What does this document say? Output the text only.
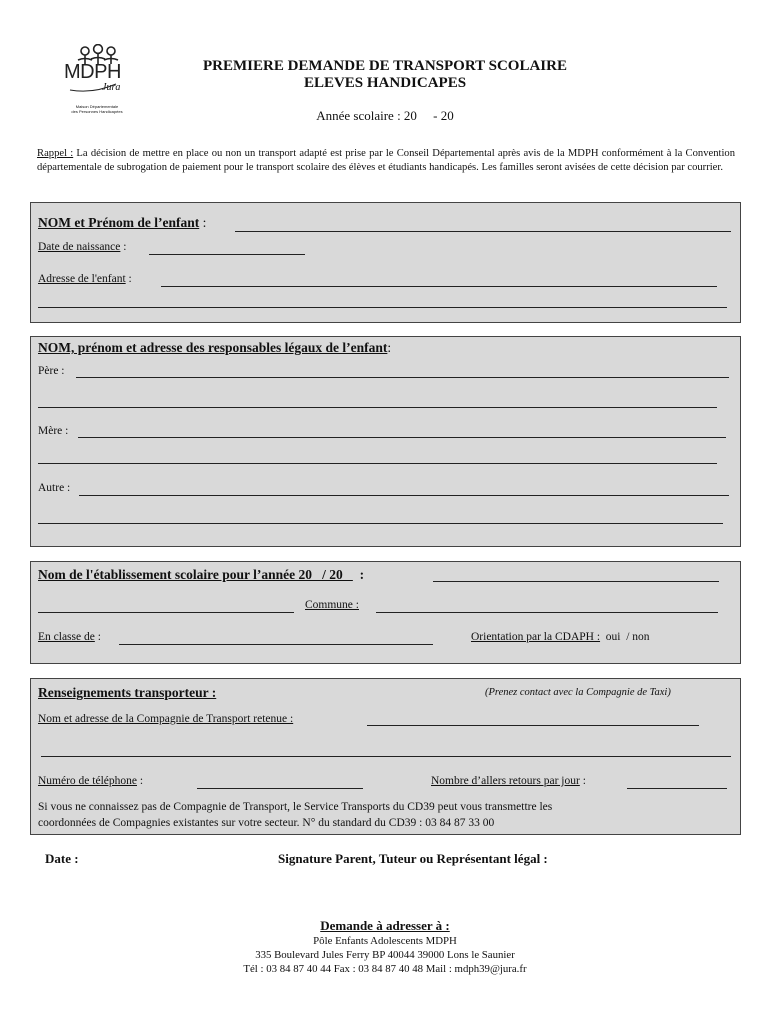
MDPH
Jura
Maison Départementale
des Personnes Handicapées
PREMIERE DEMANDE DE TRANSPORT SCOLAIRE
ELEVES HANDICAPES
Année scolaire : 20     - 20
Rappel : La décision de mettre en place ou non un transport adapté est prise par le Conseil Départemental après avis de la MDPH conformément à la Convention départementale de subrogation de paiement pour le transport scolaire des élèves et étudiants handicapés. Les familles seront avisées de cette décision par courrier.
NOM et Prénom de l’enfant :
Date de naissance :
Adresse de l'enfant :
NOM, prénom et adresse des responsables légaux de l’enfant:
Père :
Mère :
Autre :
Nom de l'établissement scolaire pour l’année 20   / 20     :
Commune :
En classe de :	Orientation par la CDAPH :  oui  / non
Renseignements transporteur :	(Prenez contact avec la Compagnie de Taxi)
Nom et adresse de la Compagnie de Transport retenue :
Numéro de téléphone :	Nombre d’allers retours par jour :
Si vous ne connaissez pas de Compagnie de Transport, le Service Transports du CD39 peut vous transmettre les
coordonnées de Compagnies existantes sur votre secteur. N° du standard du CD39 : 03 84 87 33 00
Date :	Signature Parent, Tuteur ou Représentant légal :
Demande à adresser à :
Pôle Enfants Adolescents MDPH
335 Boulevard Jules Ferry BP 40044 39000 Lons le Saunier
Tél : 03 84 87 40 44 Fax : 03 84 87 40 48 Mail : mdph39@jura.fr
